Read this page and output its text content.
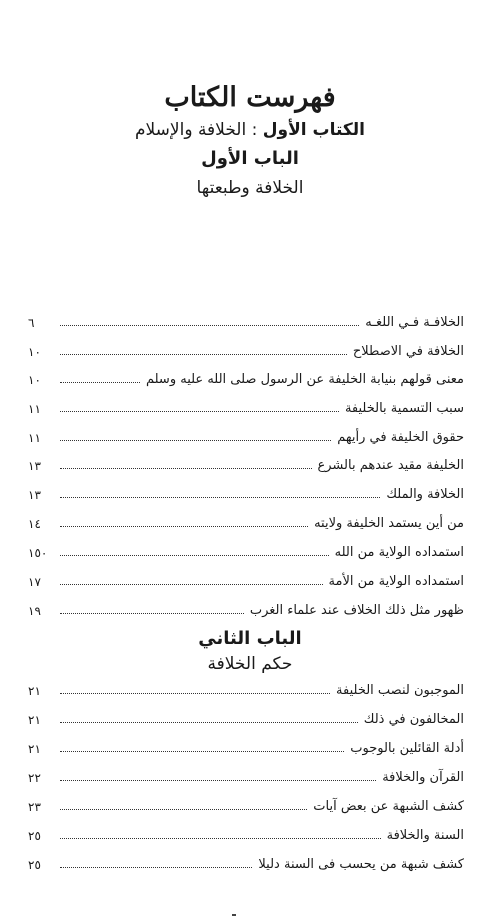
فهرست الكتاب
الكتاب الأول : الخلافة والإسلام
الباب الأول
الخلافة وطبعتها
٦	الخلافـة فـي اللغـه
١٠	الخلافة في الاصطلاح
١٠	معنى قولهم بنيابة الخليفة عن الرسول صلى الله عليه وسلم
١١	سبب التسمية بالخليفة
١١	حقوق الخليفة في رأيهم
١٣	الخليفة مقيد عندهم بالشرع
١٣	الخلافة والملك
١٤	من أين يستمد الخليفة ولايته
١٥٠	استمداده الولاية من الله
١٧	استمداده الولاية من الأمة
١٩	ظهور مثل ذلك الخلاف عند علماء الغرب
الباب الثاني
حكم الخلافة
٢١	الموجبون لنصب الخليفة
٢١	المخالفون في ذلك
٢١	أدلة القائلين بالوجوب
٢٢	القرآن والخلافة
٢٣	كشف الشبهة عن بعض آيات
٢٥	السنة والخلافة
٢٥	كشف شبهة من يحسب فى السنة دليلا
